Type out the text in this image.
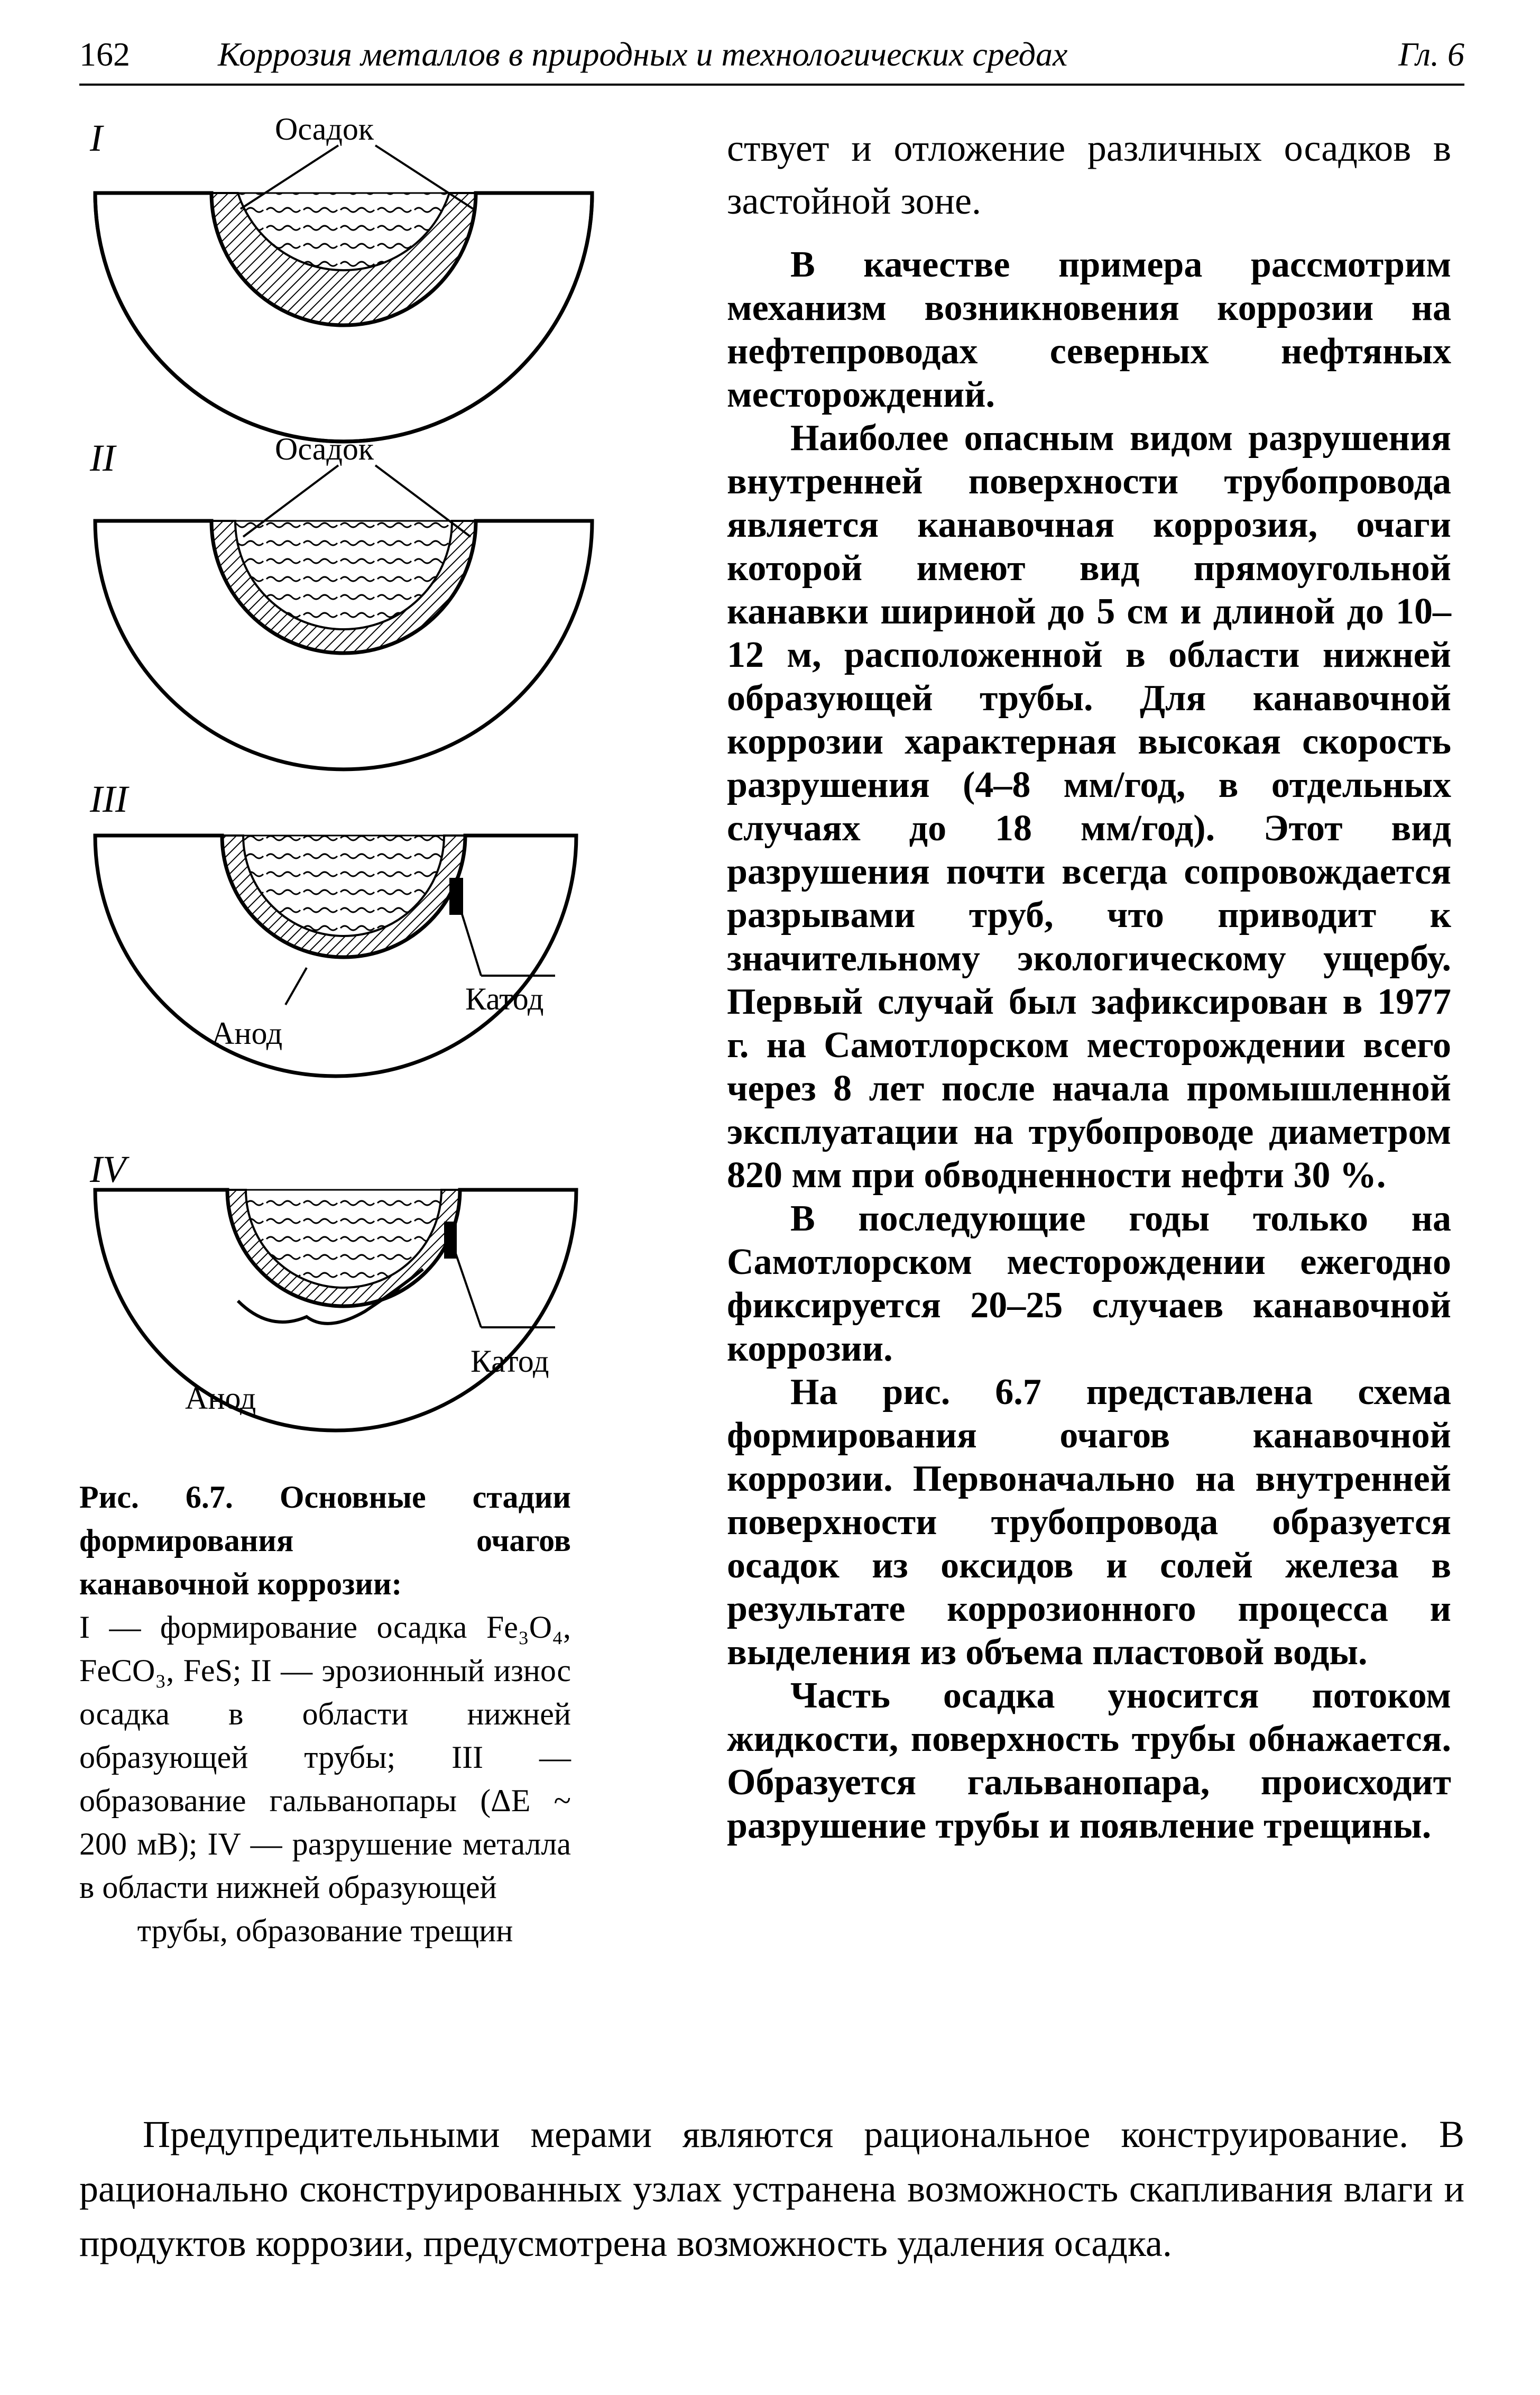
162	Коррозия металлов в природных и технологических средах	Гл. 6
I	Осадок
II	Осадок
III
Анод
Катод
IV
Анод
Катод
Рис. 6.7. Основные стадии формирования очагов канавочной коррозии:
I — формирование осадка Fe₃O₄, FeCO₃, FeS; II — эрозионный износ осадка в области нижней образующей трубы; III — образование гальванопары (ΔE ~ 200 мВ); IV — разрушение металла в области нижней образующей
трубы, образование трещин

ствует и отложение различных осадков в застойной зоне.

В качестве примера рассмотрим механизм возникновения коррозии на нефтепроводах северных нефтяных месторождений.

Наиболее опасным видом разрушения внутренней поверхности трубопровода является канавочная коррозия, очаги которой имеют вид прямоугольной канавки шириной до 5 см и длиной до 10–12 м, расположенной в области нижней образующей трубы. Для канавочной коррозии характерная высокая скорость разрушения (4–8 мм/год, в отдельных случаях до 18 мм/год). Этот вид разрушения почти всегда сопровождается разрывами труб, что приводит к значительному экологическому ущербу. Первый случай был зафиксирован в 1977 г. на Самотлорском месторождении всего через 8 лет после начала промышленной эксплуатации на трубопроводе диаметром 820 мм при обводненности нефти 30 %.

В последующие годы только на Самотлорском месторождении ежегодно фиксируется 20–25 случаев канавочной коррозии.

На рис. 6.7 представлена схема формирования очагов канавочной коррозии. Первоначально на внутренней поверхности трубопровода образуется осадок из оксидов и солей железа в результате коррозионного процесса и выделения из объема пластовой воды.

Часть осадка уносится потоком жидкости, поверхность трубы обнажается. Образуется гальванопара, происходит разрушение трубы и появление трещины.

Предупредительными мерами являются рациональное конструирование. В рационально сконструированных узлах устранена возможность скапливания влаги и продуктов коррозии, предусмотрена возможность удаления осадка.
